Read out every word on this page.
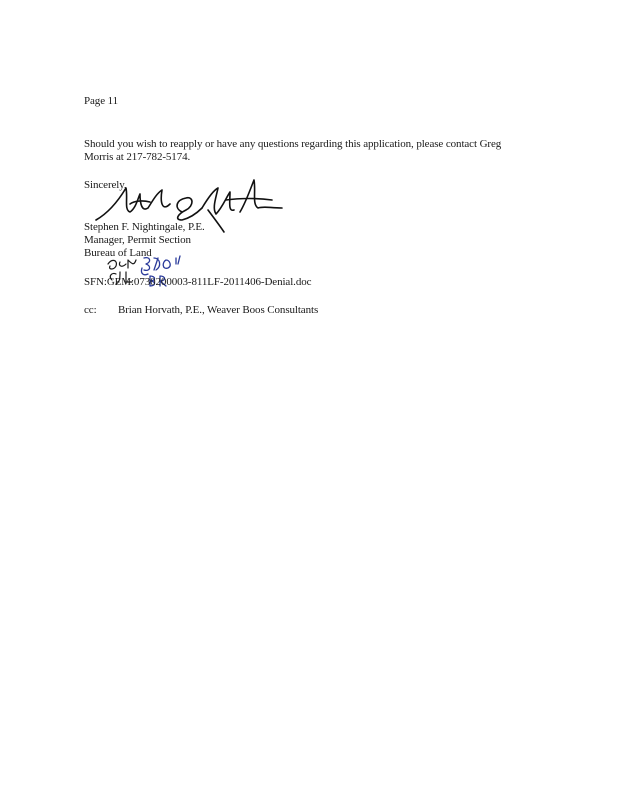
Page 11
Should you wish to reapply or have any questions regarding this application, please contact Greg
Morris at 217-782-5174.
Sincerely,
Stephen F. Nightingale, P.E.
Manager, Permit Section
Bureau of Land
SFN:GEM:0730200003-811LF-2011406-Denial.doc
cc: Brian Horvath, P.E., Weaver Boos Consultants
